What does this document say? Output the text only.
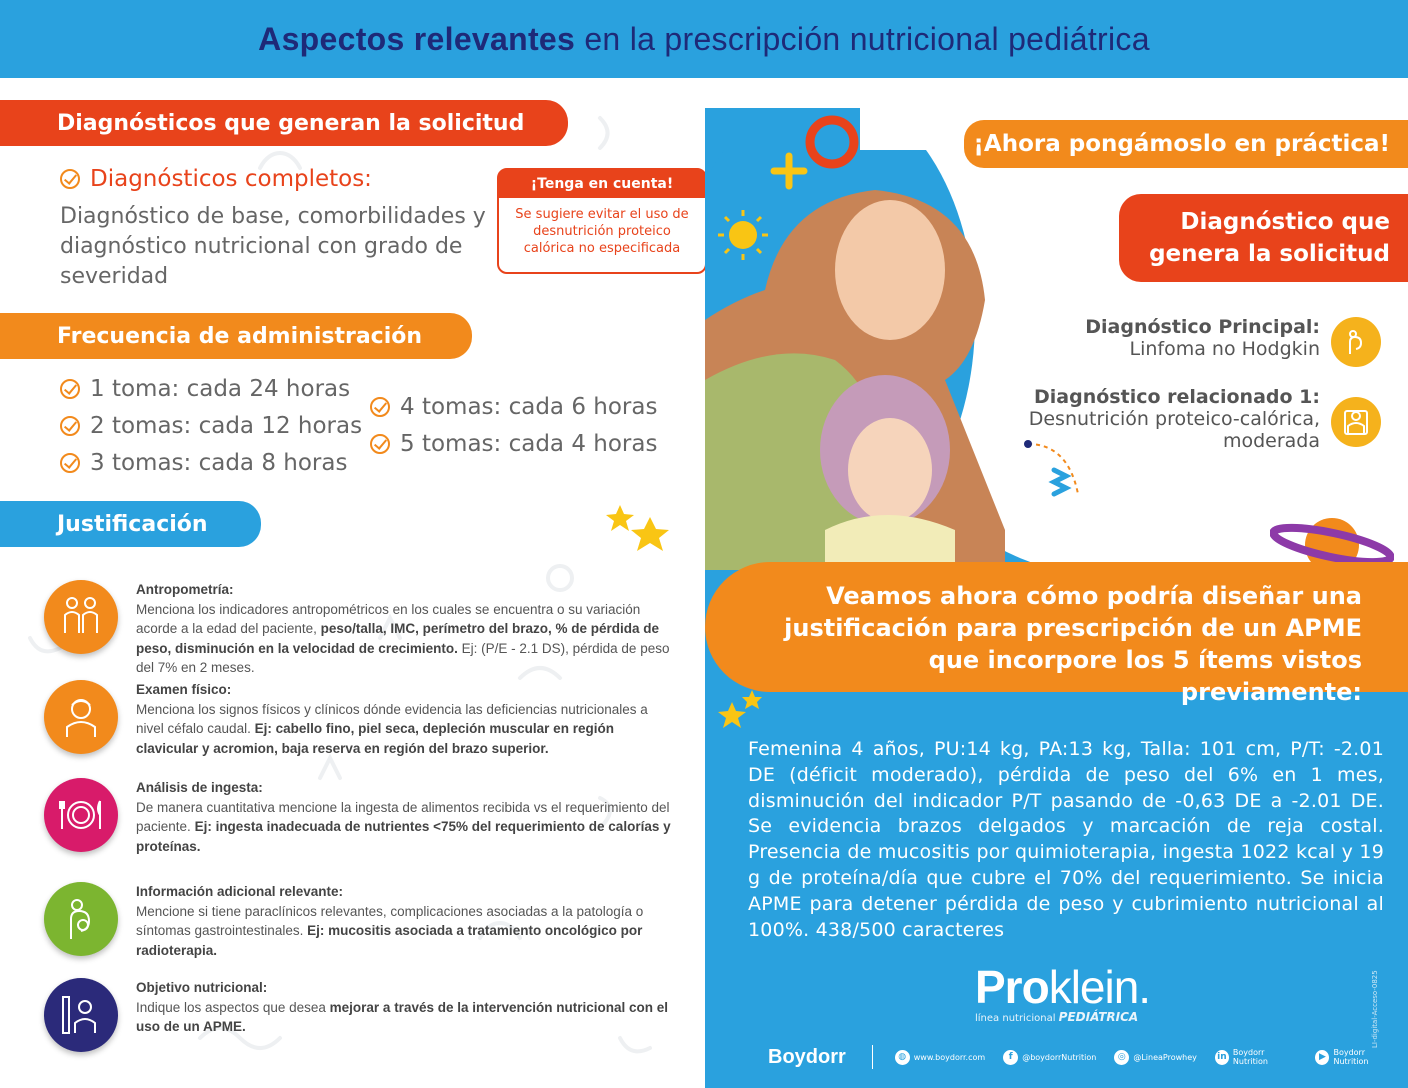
Aspectos relevantes en la prescripción nutricional pediátrica
Diagnósticos que generan la solicitud
Diagnósticos completos:
Diagnóstico de base, comorbilidades y diagnóstico nutricional con grado de severidad
¡Tenga en cuenta!
Se sugiere evitar el uso de desnutrición proteico calórica no especificada
Frecuencia de administración
1 toma: cada 24 horas
2 tomas: cada 12 horas
3 tomas: cada 8 horas
4 tomas: cada 6 horas
5 tomas: cada 4 horas
Justificación
Antropometría:
Menciona los indicadores antropométricos en los cuales se encuentra o su variación acorde a la edad del paciente, peso/talla, IMC, perímetro del brazo, % de pérdida de peso, disminución en la velocidad de crecimiento. Ej: (P/E - 2.1 DS), pérdida de peso del 7% en 2 meses.
Examen físico:
Menciona los signos físicos y clínicos dónde evidencia las deficiencias nutricionales a nivel céfalo caudal. Ej: cabello fino, piel seca, depleción muscular en región clavicular y acromion, baja reserva en región del brazo superior.
Análisis de ingesta:
De manera cuantitativa mencione la ingesta de alimentos recibida vs el requerimiento del paciente. Ej: ingesta inadecuada de nutrientes <75% del requerimiento de calorías y proteínas.
Información adicional relevante:
Mencione si tiene paraclínicos relevantes, complicaciones asociadas a la patología o síntomas gastrointestinales. Ej: mucositis asociada a tratamiento oncológico por radioterapia.
Objetivo nutricional:
Indique los aspectos que desea mejorar a través de la intervención nutricional con el uso de un APME.
¡Ahora pongámoslo en práctica!
Diagnóstico que
genera la solicitud
Diagnóstico Principal:
Linfoma no Hodgkin
Diagnóstico relacionado 1:
Desnutrición proteico-calórica,
moderada
Veamos ahora cómo podría diseñar una
justificación para prescripción de un APME
que incorpore los 5 ítems vistos previamente:
Femenina 4 años, PU:14 kg, PA:13 kg, Talla: 101 cm, P/T: -2.01 DE (déficit moderado), pérdida de peso del 6% en 1 mes, disminución del indicador P/T pasando de -0,63 DE a -2.01 DE. Se evidencia brazos delgados y marcación de reja costal. Presencia de mucositis por quimioterapia, ingesta 1022 kcal y 19 g de proteína/día que cubre el 70% del requerimiento. Se inicia APME para detener pérdida de peso y cubrimiento nutricional al 100%. 438/500 caracteres
Proklein.
línea nutricional PEDIÁTRICA	LI-digital-Acceso-0825
Boydorr	◍ www.boydorr.com	f	@boydorrNutrition	◎ @LineaProwhey in Boydorr Nutrition	▶ Boydorr Nutrition
